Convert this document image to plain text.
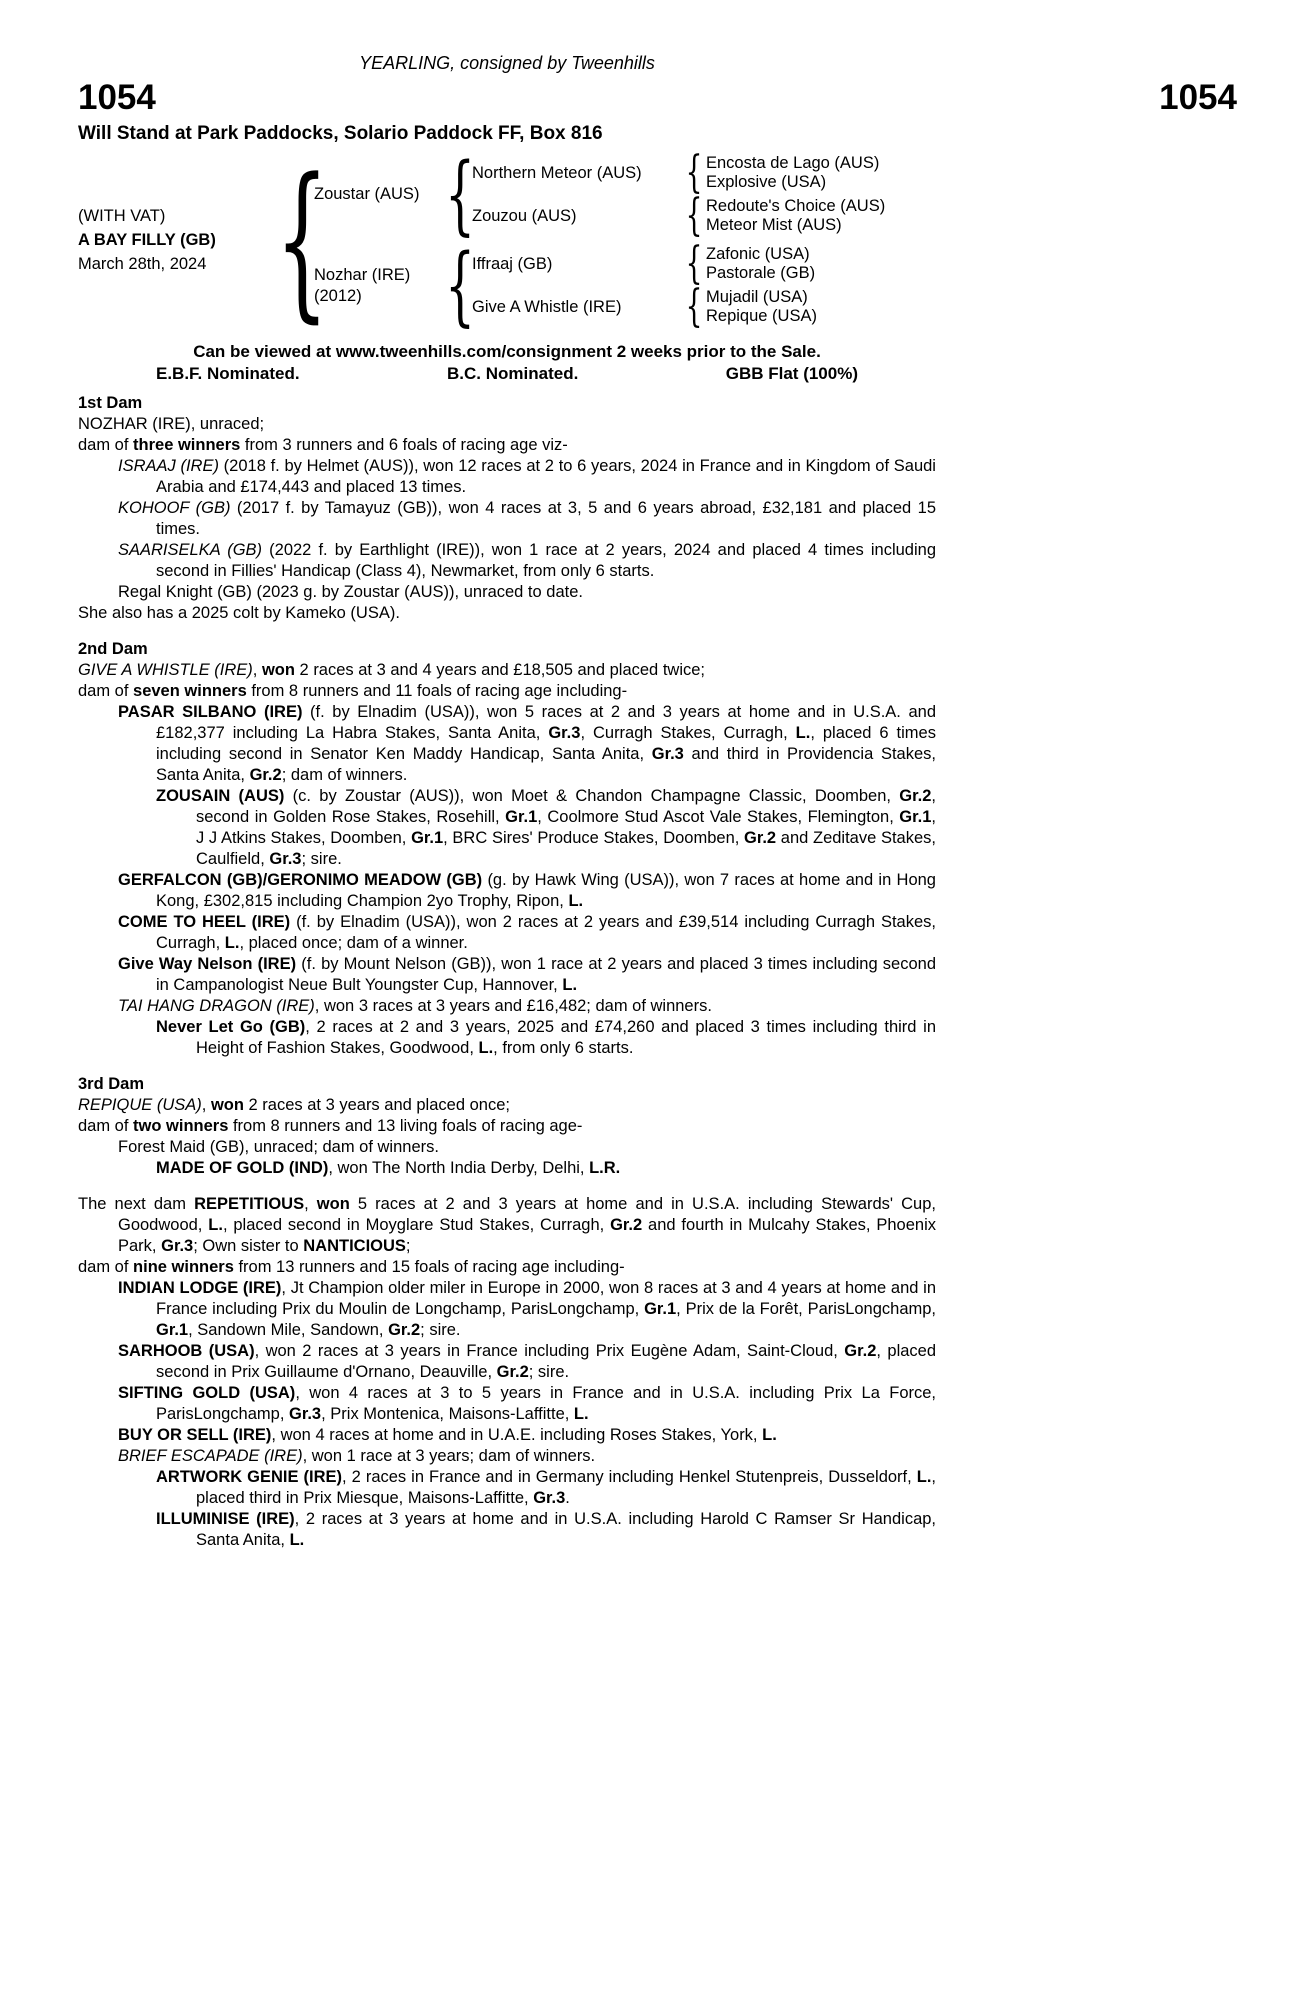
YEARLING, consigned by Tweenhills
1054	1054
Will Stand at Park Paddocks, Solario Paddock FF, Box 816
(WITH VAT)
A BAY FILLY (GB)
March 28th, 2024
{
Zoustar (AUS)
{
Northern Meteor (AUS)
{
Encosta de Lago (AUS)
Explosive (USA)
Zouzou (AUS)
{
Redoute's Choice (AUS)
Meteor Mist (AUS)
Nozhar (IRE)
(2012)
{
Iffraaj (GB)
{
Zafonic (USA)
Pastorale (GB)
Give A Whistle (IRE)
{
Mujadil (USA)
Repique (USA)
Can be viewed at www.tweenhills.com/consignment 2 weeks prior to the Sale.
E.B.F. Nominated.	B.C. Nominated.	GBB Flat (100%)
1st Dam
NOZHAR (IRE), unraced;
dam of three winners from 3 runners and 6 foals of racing age viz-
ISRAAJ (IRE) (2018 f. by Helmet (AUS)), won 12 races at 2 to 6 years, 2024 in France and in Kingdom of Saudi Arabia and £174,443 and placed 13 times.
KOHOOF (GB) (2017 f. by Tamayuz (GB)), won 4 races at 3, 5 and 6 years abroad, £32,181 and placed 15 times.
SAARISELKA (GB) (2022 f. by Earthlight (IRE)), won 1 race at 2 years, 2024 and placed 4 times including second in Fillies' Handicap (Class 4), Newmarket, from only 6 starts.
Regal Knight (GB) (2023 g. by Zoustar (AUS)), unraced to date.
She also has a 2025 colt by Kameko (USA).
2nd Dam
GIVE A WHISTLE (IRE), won 2 races at 3 and 4 years and £18,505 and placed twice;
dam of seven winners from 8 runners and 11 foals of racing age including-
PASAR SILBANO (IRE) (f. by Elnadim (USA)), won 5 races at 2 and 3 years at home and in U.S.A. and £182,377 including La Habra Stakes, Santa Anita, Gr.3, Curragh Stakes, Curragh, L., placed 6 times including second in Senator Ken Maddy Handicap, Santa Anita, Gr.3 and third in Providencia Stakes, Santa Anita, Gr.2; dam of winners.
ZOUSAIN (AUS) (c. by Zoustar (AUS)), won Moet & Chandon Champagne Classic, Doomben, Gr.2, second in Golden Rose Stakes, Rosehill, Gr.1, Coolmore Stud Ascot Vale Stakes, Flemington, Gr.1, J J Atkins Stakes, Doomben, Gr.1, BRC Sires' Produce Stakes, Doomben, Gr.2 and Zeditave Stakes, Caulfield, Gr.3; sire.
GERFALCON (GB)/GERONIMO MEADOW (GB) (g. by Hawk Wing (USA)), won 7 races at home and in Hong Kong, £302,815 including Champion 2yo Trophy, Ripon, L.
COME TO HEEL (IRE) (f. by Elnadim (USA)), won 2 races at 2 years and £39,514 including Curragh Stakes, Curragh, L., placed once; dam of a winner.
Give Way Nelson (IRE) (f. by Mount Nelson (GB)), won 1 race at 2 years and placed 3 times including second in Campanologist Neue Bult Youngster Cup, Hannover, L.
TAI HANG DRAGON (IRE), won 3 races at 3 years and £16,482; dam of winners.
Never Let Go (GB), 2 races at 2 and 3 years, 2025 and £74,260 and placed 3 times including third in Height of Fashion Stakes, Goodwood, L., from only 6 starts.
3rd Dam
REPIQUE (USA), won 2 races at 3 years and placed once;
dam of two winners from 8 runners and 13 living foals of racing age-
Forest Maid (GB), unraced; dam of winners.
MADE OF GOLD (IND), won The North India Derby, Delhi, L.R.
The next dam REPETITIOUS, won 5 races at 2 and 3 years at home and in U.S.A. including Stewards' Cup, Goodwood, L., placed second in Moyglare Stud Stakes, Curragh, Gr.2 and fourth in Mulcahy Stakes, Phoenix Park, Gr.3; Own sister to NANTICIOUS;
dam of nine winners from 13 runners and 15 foals of racing age including-
INDIAN LODGE (IRE), Jt Champion older miler in Europe in 2000, won 8 races at 3 and 4 years at home and in France including Prix du Moulin de Longchamp, ParisLongchamp, Gr.1, Prix de la Forêt, ParisLongchamp, Gr.1, Sandown Mile, Sandown, Gr.2; sire.
SARHOOB (USA), won 2 races at 3 years in France including Prix Eugène Adam, Saint-Cloud, Gr.2, placed second in Prix Guillaume d'Ornano, Deauville, Gr.2; sire.
SIFTING GOLD (USA), won 4 races at 3 to 5 years in France and in U.S.A. including Prix La Force, ParisLongchamp, Gr.3, Prix Montenica, Maisons-Laffitte, L.
BUY OR SELL (IRE), won 4 races at home and in U.A.E. including Roses Stakes, York, L.
BRIEF ESCAPADE (IRE), won 1 race at 3 years; dam of winners.
ARTWORK GENIE (IRE), 2 races in France and in Germany including Henkel Stutenpreis, Dusseldorf, L., placed third in Prix Miesque, Maisons-Laffitte, Gr.3.
ILLUMINISE (IRE), 2 races at 3 years at home and in U.S.A. including Harold C Ramser Sr Handicap, Santa Anita, L.
